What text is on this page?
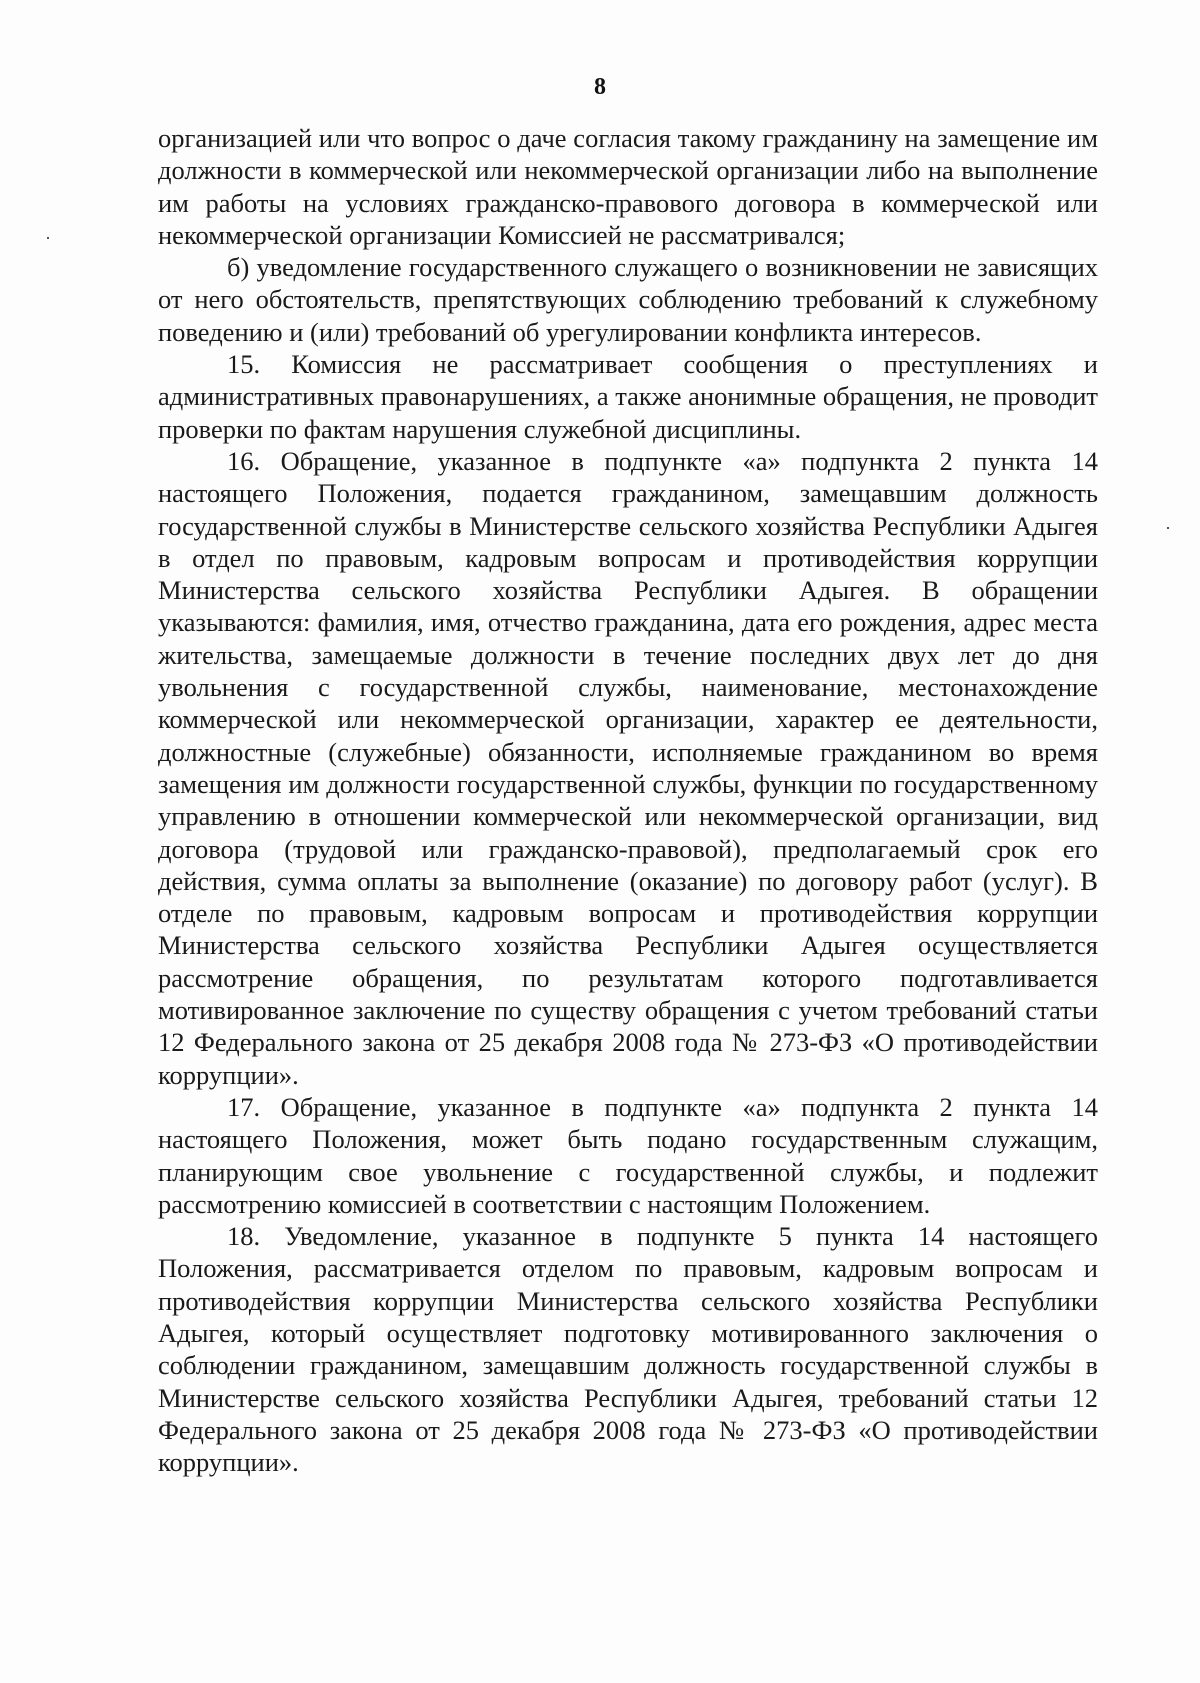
8

организацией или что вопрос о даче согласия такому гражданину на замещение им должности в коммерческой или некоммерческой организации либо на выполнение им работы на условиях гражданско-правового договора в коммерческой или некоммерческой организации Комиссией не рассматривался;

б) уведомление государственного служащего о возникновении не зависящих от него обстоятельств, препятствующих соблюдению требований к служебному поведению и (или) требований об урегулировании конфликта интересов.

15. Комиссия не рассматривает сообщения о преступлениях и административных правонарушениях, а также анонимные обращения, не проводит проверки по фактам нарушения служебной дисциплины.

16. Обращение, указанное в подпункте «а» подпункта 2 пункта 14 настоящего Положения, подается гражданином, замещавшим должность государственной службы в Министерстве сельского хозяйства Республики Адыгея в отдел по правовым, кадровым вопросам и противодействия коррупции Министерства сельского хозяйства Республики Адыгея. В обращении указываются: фамилия, имя, отчество гражданина, дата его рождения, адрес места жительства, замещаемые должности в течение последних двух лет до дня увольнения с государственной службы, наименование, местонахождение коммерческой или некоммерческой организации, характер ее деятельности, должностные (служебные) обязанности, исполняемые гражданином во время замещения им должности государственной службы, функции по государственному управлению в отношении коммерческой или некоммерческой организации, вид договора (трудовой или гражданско-правовой), предполагаемый срок его действия, сумма оплаты за выполнение (оказание) по договору работ (услуг). В отделе по правовым, кадровым вопросам и противодействия коррупции Министерства сельского хозяйства Республики Адыгея осуществляется рассмотрение обращения, по результатам которого подготавливается мотивированное заключение по существу обращения с учетом требований статьи 12 Федерального закона от 25 декабря 2008 года № 273-ФЗ «О противодействии коррупции».

17. Обращение, указанное в подпункте «а» подпункта 2 пункта 14 настоящего Положения, может быть подано государственным служащим, планирующим свое увольнение с государственной службы, и подлежит рассмотрению комиссией в соответствии с настоящим Положением.

18. Уведомление, указанное в подпункте 5 пункта 14 настоящего Положения, рассматривается отделом по правовым, кадровым вопросам и противодействия коррупции Министерства сельского хозяйства Республики Адыгея, который осуществляет подготовку мотивированного заключения о соблюдении гражданином, замещавшим должность государственной службы в Министерстве сельского хозяйства Республики Адыгея, требований статьи 12 Федерального закона от 25 декабря 2008 года № 273-ФЗ «О противодействии коррупции».
